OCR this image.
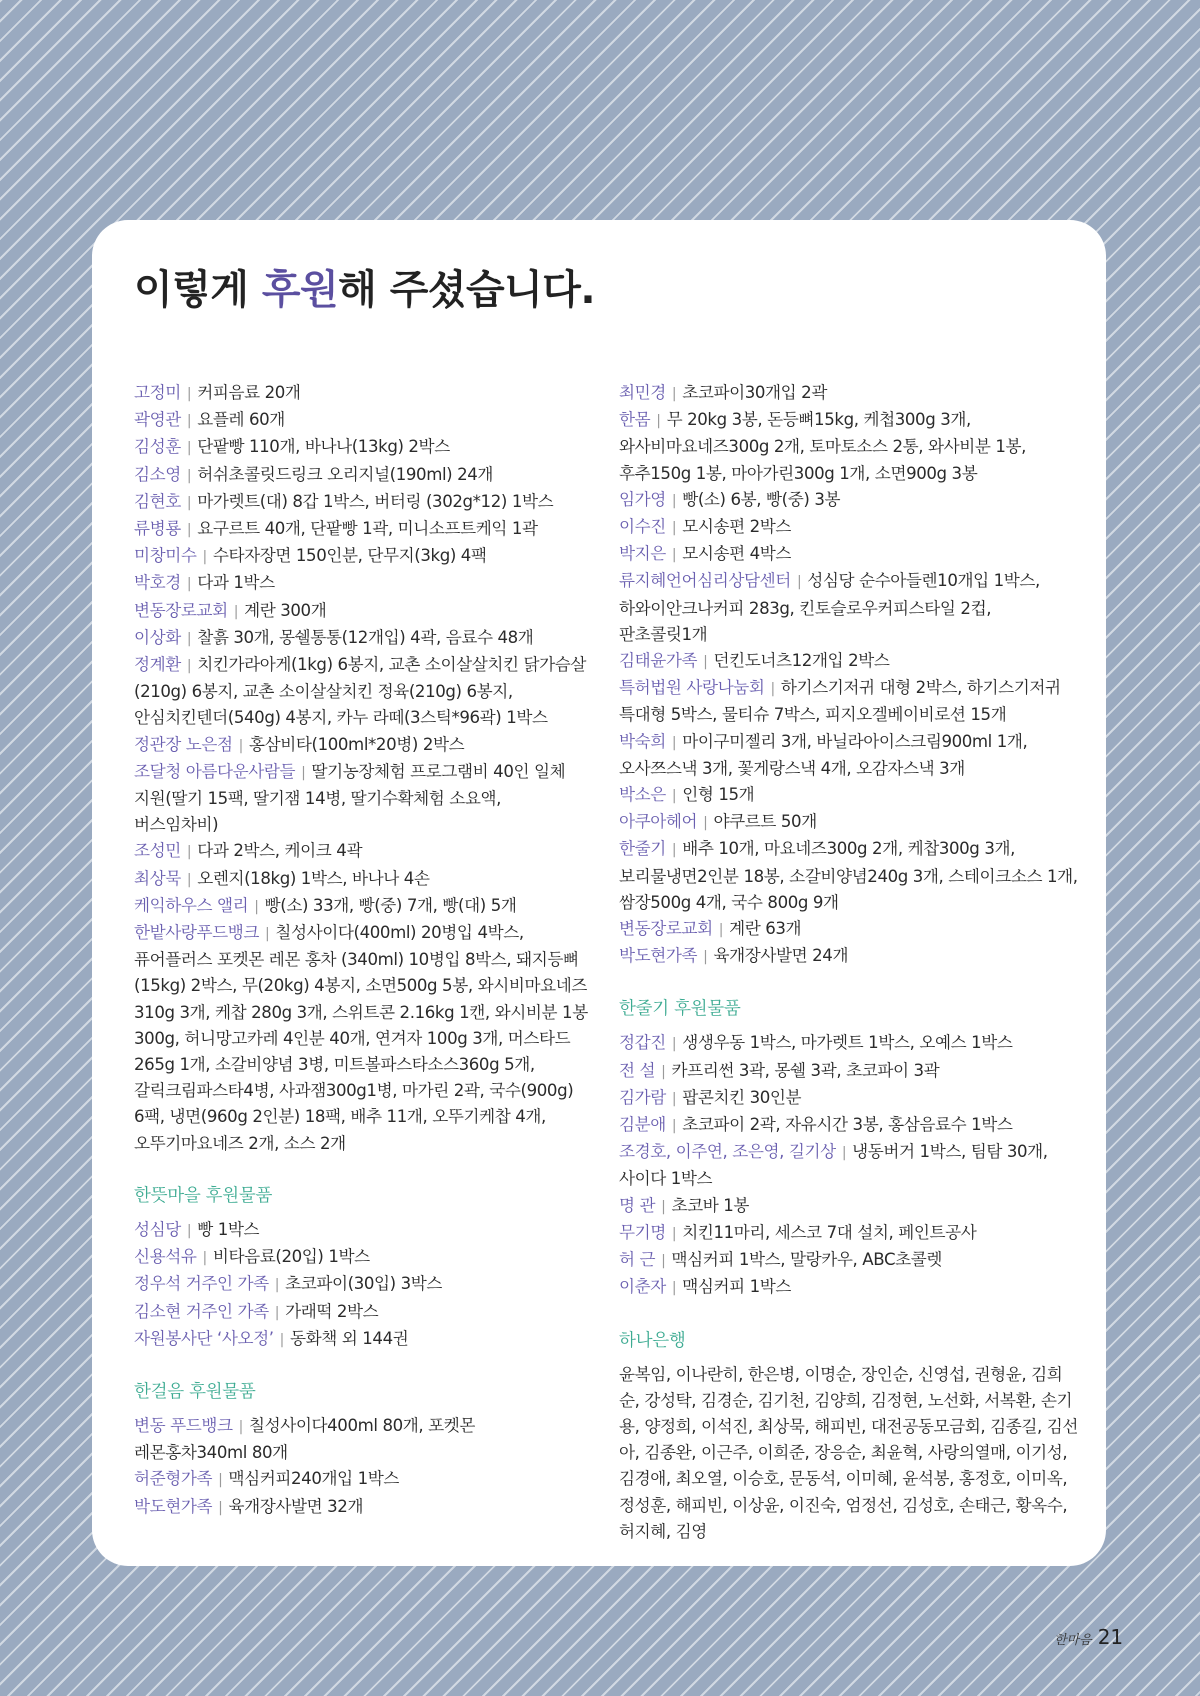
이렇게 후원해 주셨습니다.

고정미 | 커피음료 20개

곽영관 | 요플레 60개

김성훈 | 단팥빵 110개, 바나나(13kg) 2박스

김소영 | 허쉬초콜릿드링크 오리지널(190ml) 24개

김현호 | 마가렛트(대) 8갑 1박스, 버터링 (302g*12) 1박스

류병룡 | 요구르트 40개, 단팥빵 1곽, 미니소프트케익 1곽

미창미수 | 수타자장면 150인분, 단무지(3kg) 4팩

박호경 | 다과 1박스

변동장로교회 | 계란 300개

이상화 | 찰흙 30개, 몽쉘통통(12개입) 4곽, 음료수 48개

정계환 | 치킨가라아게(1kg) 6봉지, 교촌 소이살살치킨 닭가슴살(210g) 6봉지, 교촌 소이살살치킨 정육(210g) 6봉지, 안심치킨텐더(540g) 4봉지, 카누 라떼(3스틱*96곽) 1박스

정관장 노은점 | 홍삼비타(100ml*20병) 2박스

조달청 아름다운사람들 | 딸기농장체험 프로그램비 40인 일체 지원(딸기 15팩, 딸기잼 14병, 딸기수확체험 소요액, 버스임차비)

조성민 | 다과 2박스, 케이크 4곽

최상묵 | 오렌지(18kg) 1박스, 바나나 4손

케익하우스 앨리 | 빵(소) 33개, 빵(중) 7개, 빵(대) 5개

한밭사랑푸드뱅크 | 칠성사이다(400ml) 20병입 4박스, 퓨어플러스 포켓몬 레몬 홍차 (340ml) 10병입 8박스, 돼지등뼈(15kg) 2박스, 무(20kg) 4봉지, 소면500g 5봉, 와시비마요네즈 310g 3개, 케찹 280g 3개, 스위트콘 2.16kg 1캔, 와시비분 1봉 300g, 허니망고카레 4인분 40개, 연겨자 100g 3개, 머스타드 265g 1개, 소갈비양념 3병, 미트볼파스타소스360g 5개, 갈릭크림파스타4병, 사과잼300g1병, 마가린 2곽, 국수(900g) 6팩, 냉면(960g 2인분) 18팩, 배추 11개, 오뚜기케찹 4개, 오뚜기마요네즈 2개, 소스 2개

한뜻마을 후원물품

성심당 | 빵 1박스

신용석유 | 비타음료(20입) 1박스

정우석 거주인 가족 | 초코파이(30입) 3박스

김소현 거주인 가족 | 가래떡 2박스

자원봉사단 ‘사오정’ | 동화책 외 144권

한걸음 후원물품

변동 푸드뱅크 | 칠성사이다400ml 80개, 포켓몬 레몬홍차340ml 80개

허준형가족 | 맥심커피240개입 1박스

박도현가족 | 육개장사발면 32개

최민경 | 초코파이30개입 2곽

한몸 | 무 20kg 3봉, 돈등뼈15kg, 케첩300g 3개, 와사비마요네즈300g 2개, 토마토소스 2통, 와사비분 1봉, 후추150g 1봉, 마아가린300g 1개, 소면900g 3봉

임가영 | 빵(소) 6봉, 빵(중) 3봉

이수진 | 모시송편 2박스

박지은 | 모시송편 4박스

류지혜언어심리상담센터 | 성심당 순수아들렌10개입 1박스, 하와이안크나커피 283g, 킨토슬로우커피스타일 2컵, 판초콜릿1개

김태윤가족 | 던킨도너츠12개입 2박스

특허법원 사랑나눔회 | 하기스기저귀 대형 2박스, 하기스기저귀 특대형 5박스, 물티슈 7박스, 피지오겔베이비로션 15개

박숙희 | 마이구미젤리 3개, 바닐라아이스크림900ml 1개, 오사쯔스낵 3개, 꽃게랑스낵 4개, 오감자스낵 3개

박소은 | 인형 15개

아쿠아헤어 | 야쿠르트 50개

한줄기 | 배추 10개, 마요네즈300g 2개, 케찹300g 3개, 보리물냉면2인분 18봉, 소갈비양념240g 3개, 스테이크소스 1개, 쌈장500g 4개, 국수 800g 9개

변동장로교회 | 계란 63개

박도현가족 | 육개장사발면 24개

한줄기 후원물품

정갑진 | 생생우동 1박스, 마가렛트 1박스, 오예스 1박스

전 설 | 카프리썬 3곽, 몽쉘 3곽, 초코파이 3곽

김가람 | 팝콘치킨 30인분

김분애 | 초코파이 2곽, 자유시간 3봉, 홍삼음료수 1박스

조경호, 이주연, 조은영, 길기상 | 냉동버거 1박스, 팀탐 30개, 사이다 1박스

명 관 | 초코바 1봉

무기명 | 치킨11마리, 세스코 7대 설치, 페인트공사

허 근 | 맥심커피 1박스, 말랑카우, ABC초콜렛

이춘자 | 맥심커피 1박스

하나은행

윤복임, 이나란히, 한은병, 이명순, 장인순, 신영섭, 권형윤, 김희순, 강성탁, 김경순, 김기천, 김양희, 김정현, 노선화, 서복환, 손기용, 양정희, 이석진, 최상묵, 해피빈, 대전공동모금회, 김종길, 김선아, 김종완, 이근주, 이희준, 장응순, 최윤혁, 사랑의열매, 이기성, 김경애, 최오열, 이승호, 문동석, 이미혜, 윤석봉, 홍정호, 이미옥, 정성훈, 해피빈, 이상윤, 이진숙, 엄정선, 김성호, 손태근, 황옥수, 허지혜, 김영

한마음 21
